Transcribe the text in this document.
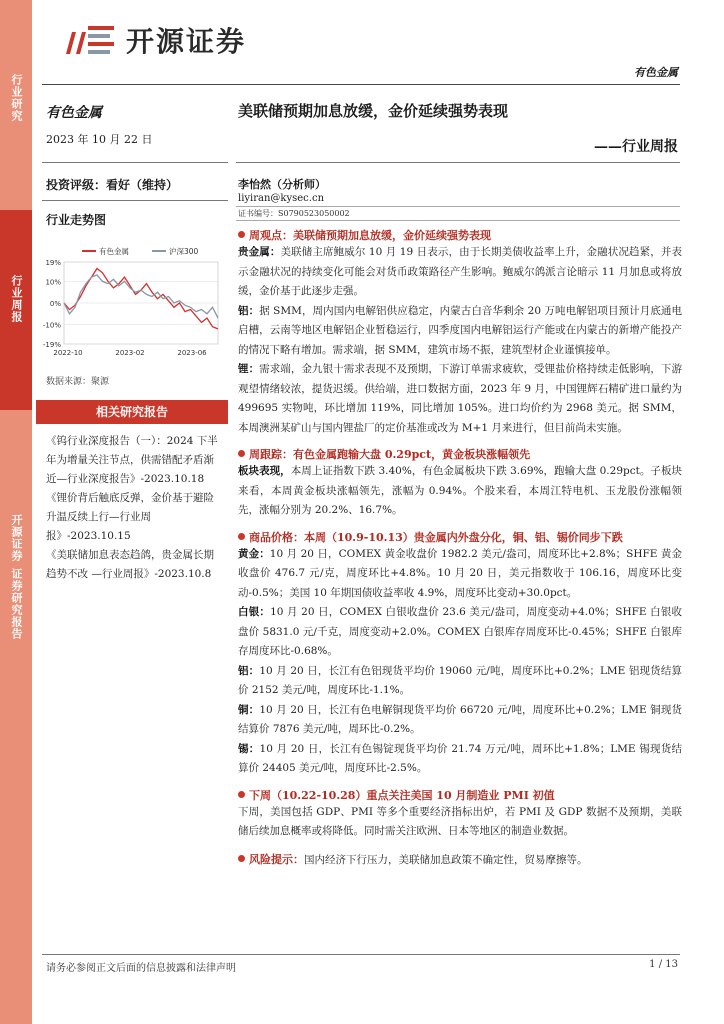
行业研究
行业周报
开源证券
证券研究报告
开源证券
有色金属
有色金属
2023 年 10 月 22 日
投资评级：看好（维持）
行业走势图
19%
10%
0%
-10%
-19%
2022-10	2023-02	2023-06
有色金属	沪深300
数据来源：聚源
相关研究报告

《钨行业深度报告（一）：2024 下半年为增量关注节点，供需错配矛盾渐近—行业深度报告》-2023.10.18

《锂价背后触底反弹，金价基于避险升温反续上行—行业周报》-2023.10.15

《美联储加息表态趋鸽，贵金属长期趋势不改 —行业周报》-2023.10.8

美联储预期加息放缓，金价延续强势表现
——行业周报
李怡然（分析师）
liyiran@kysec.cn
证书编号：S0790523050002
周观点：美联储预期加息放缓，金价延续强势表现
贵金属：美联储主席鲍威尔 10 月 19 日表示，由于长期美债收益率上升，金融状况趋紧，并表示金融状况的持续变化可能会对货币政策路径产生影响。鲍威尔鸽派言论暗示 11 月加息或将放缓，金价基于此逐步走强。
铝：据 SMM，周内国内电解铝供应稳定，内蒙古白音华剩余 20 万吨电解铝项目预计月底通电启槽，云南等地区电解铝企业暂稳运行，四季度国内电解铝运行产能或在内蒙古的新增产能投产的情况下略有增加。需求端，据 SMM，建筑市场不振，建筑型材企业谨慎接单。
锂：需求端，金九银十需求表现不及预期，下游订单需求疲软，受锂盐价格持续走低影响，下游观望情绪较浓，提货迟缓。供给端，进口数据方面，2023 年 9 月，中国锂辉石精矿进口量约为 499695 实物吨，环比增加 119%，同比增加 105%。进口均价约为 2968 美元。据 SMM，本周澳洲某矿山与国内锂盐厂的定价基准或改为 M+1 月来进行，但目前尚未实施。
周跟踪：有色金属跑输大盘 0.29pct，黄金板块涨幅领先
板块表现，本周上证指数下跌 3.40%，有色金属板块下跌 3.69%，跑输大盘 0.29pct。子板块来看，本周黄金板块涨幅领先，涨幅为 0.94%。个股来看，本周江特电机、玉龙股份涨幅领先，涨幅分别为 20.2%、16.7%。
商品价格：本周（10.9-10.13）贵金属内外盘分化，铜、铝、锡价同步下跌
黄金：10 月 20 日，COMEX 黄金收盘价 1982.2 美元/盎司，周度环比+2.8%；SHFE 黄金收盘价 476.7 元/克，周度环比+4.8%。10 月 20 日，美元指数收于 106.16，周度环比变动-0.5%；美国 10 年期国债收益率收 4.9%，周度环比变动+30.0pct。
白银：10 月 20 日，COMEX 白银收盘价 23.6 美元/盎司，周度变动+4.0%；SHFE 白银收盘价 5831.0 元/千克，周度变动+2.0%。COMEX 白银库存周度环比-0.45%；SHFE 白银库存周度环比-0.68%。
铝：10 月 20 日，长江有色铝现货平均价 19060 元/吨，周度环比+0.2%；LME 铝现货结算价 2152 美元/吨，周度环比-1.1%。
铜：10 月 20 日，长江有色电解铜现货平均价 66720 元/吨，周度环比+0.2%；LME 铜现货结算价 7876 美元/吨，周环比-0.2%。
锡：10 月 20 日，长江有色锡锭现货平均价 21.74 万元/吨，周环比+1.8%；LME 锡现货结算价 24405 美元/吨，周度环比-2.5%。
下周（10.22-10.28）重点关注美国 10 月制造业 PMI 初值
下周，美国包括 GDP、PMI 等多个重要经济指标出炉，若 PMI 及 GDP 数据不及预期，美联储后续加息概率或将降低。同时需关注欧洲、日本等地区的制造业数据。
风险提示：国内经济下行压力，美联储加息政策不确定性，贸易摩擦等。
请务必参阅正文后面的信息披露和法律声明	1 / 13
